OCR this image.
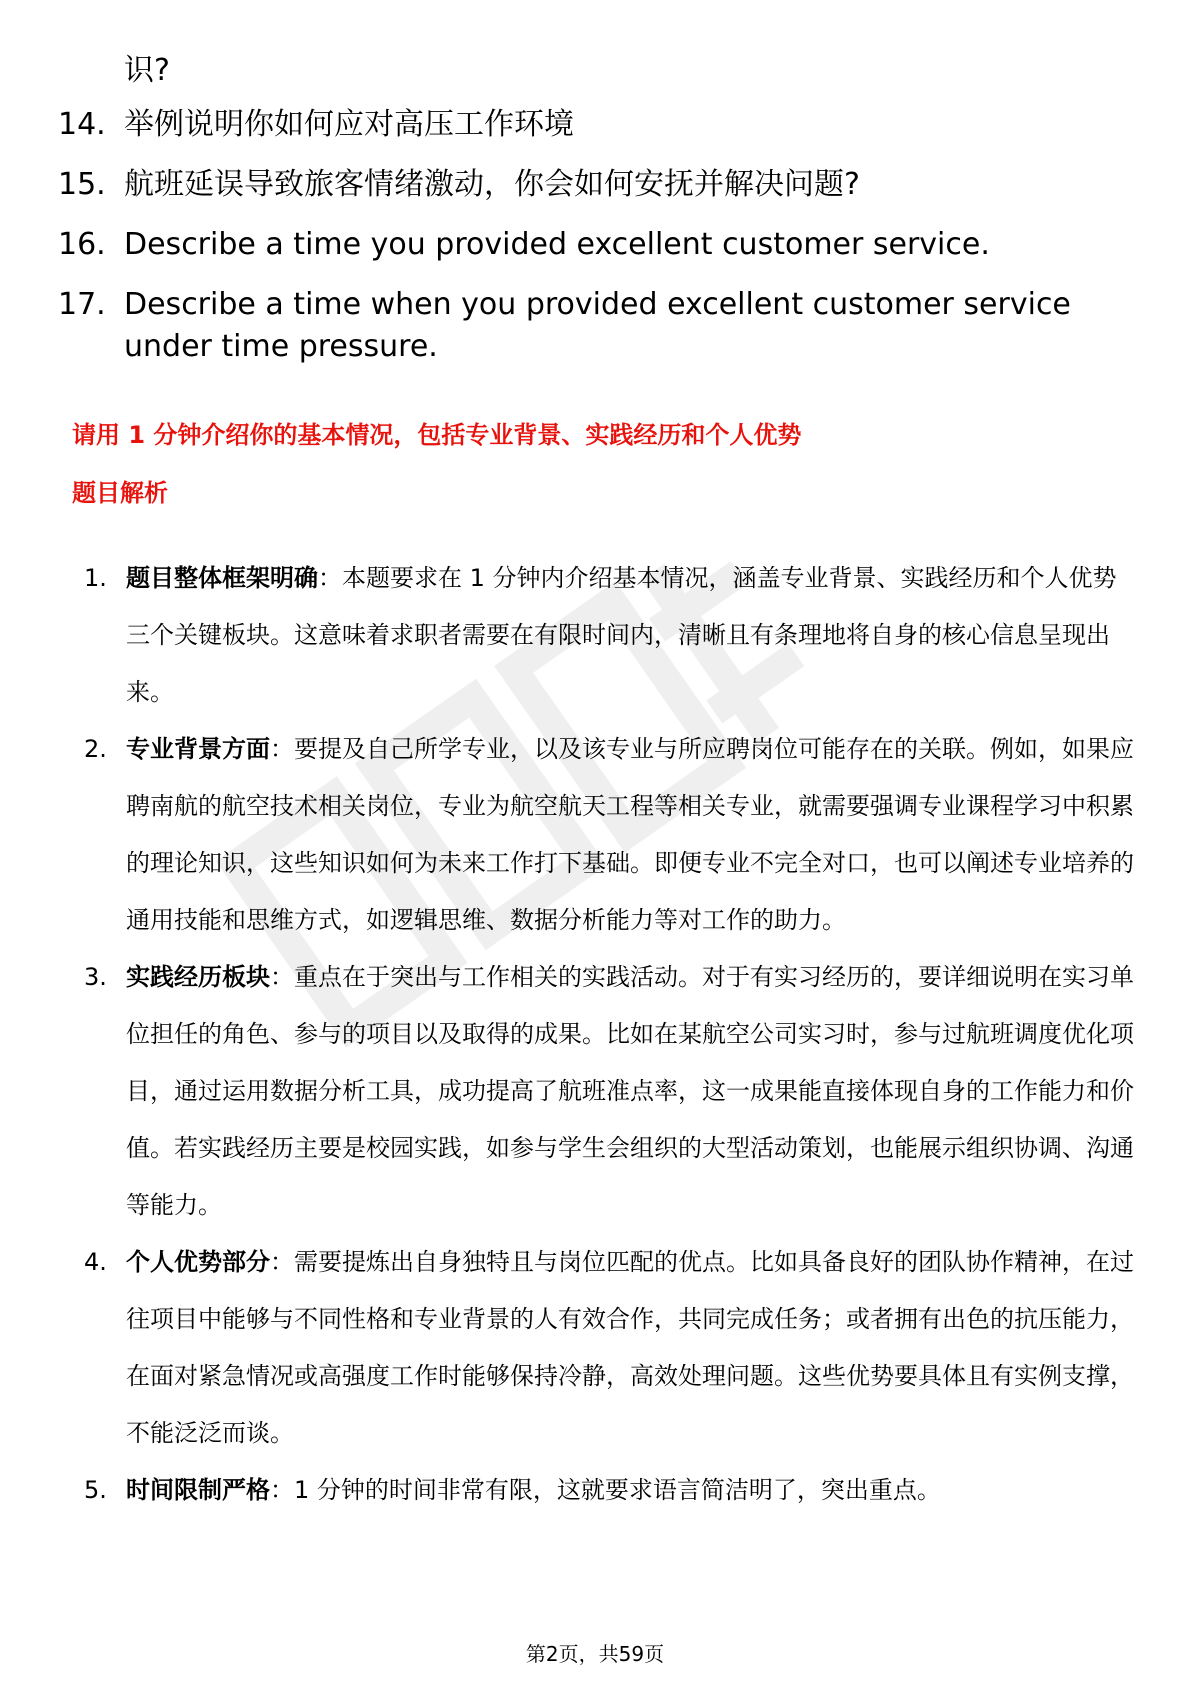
识?
14. 举例说明你如何应对高压工作环境
15. 航班延误导致旅客情绪激动，你会如何安抚并解决问题?
16. Describe a time you provided excellent customer service.
17. Describe a time when you provided excellent customer service under time pressure.
请用 1 分钟介绍你的基本情况，包括专业背景、实践经历和个人优势
题目解析
1. 题目整体框架明确：本题要求在 1 分钟内介绍基本情况，涵盖专业背景、实践经历和个人优势三个关键板块。这意味着求职者需要在有限时间内，清晰且有条理地将自身的核心信息呈现出来。
2. 专业背景方面：要提及自己所学专业，以及该专业与所应聘岗位可能存在的关联。例如，如果应聘南航的航空技术相关岗位，专业为航空航天工程等相关专业，就需要强调专业课程学习中积累的理论知识，这些知识如何为未来工作打下基础。即便专业不完全对口，也可以阐述专业培养的通用技能和思维方式，如逻辑思维、数据分析能力等对工作的助力。
3. 实践经历板块：重点在于突出与工作相关的实践活动。对于有实习经历的，要详细说明在实习单位担任的角色、参与的项目以及取得的成果。比如在某航空公司实习时，参与过航班调度优化项目，通过运用数据分析工具，成功提高了航班准点率，这一成果能直接体现自身的工作能力和价值。若实践经历主要是校园实践，如参与学生会组织的大型活动策划，也能展示组织协调、沟通等能力。
4. 个人优势部分：需要提炼出自身独特且与岗位匹配的优点。比如具备良好的团队协作精神，在过往项目中能够与不同性格和专业背景的人有效合作，共同完成任务；或者拥有出色的抗压能力，在面对紧急情况或高强度工作时能够保持冷静，高效处理问题。这些优势要具体且有实例支撑，不能泛泛而谈。
5. 时间限制严格：1 分钟的时间非常有限，这就要求语言简洁明了，突出重点。
第2页，共59页
